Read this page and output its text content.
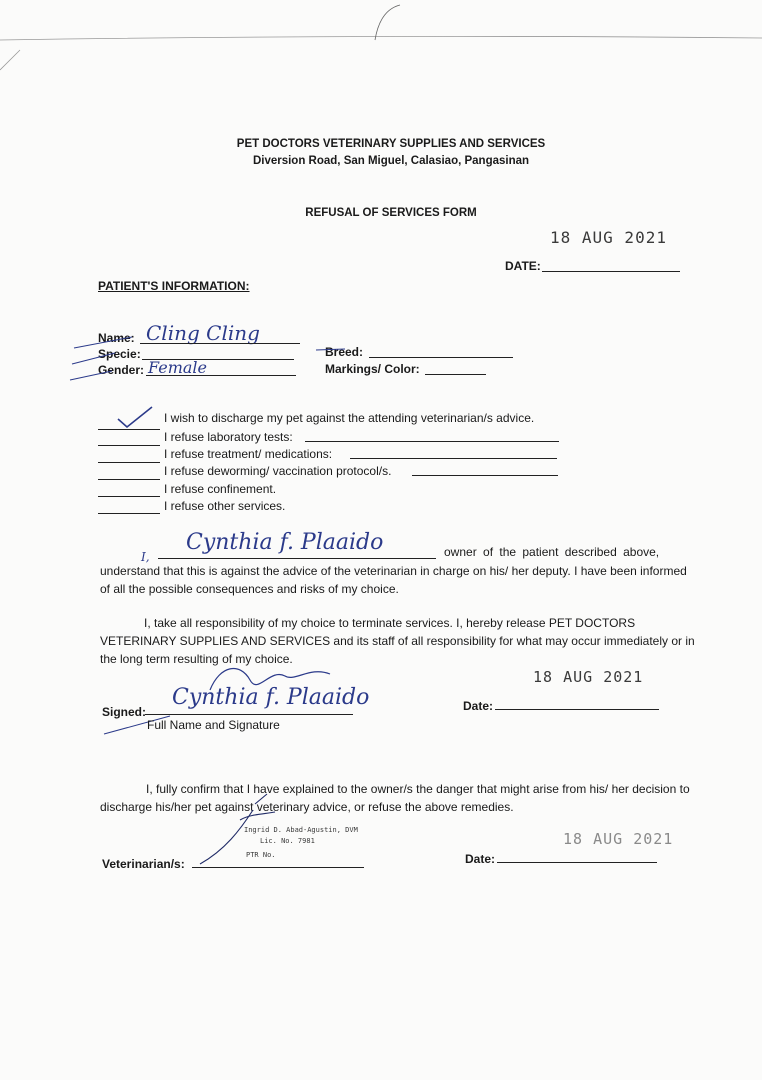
PET DOCTORS VETERINARY SUPPLIES AND SERVICES
Diversion Road, San Miguel, Calasiao, Pangasinan
REFUSAL OF SERVICES FORM
18 AUG 2021
DATE:
PATIENT'S INFORMATION:
Name: Cling Cling
Specie:
Gender: Female
Breed:
Markings/ Color:
I wish to discharge my pet against the attending veterinarian/s advice.
I refuse laboratory tests:
I refuse treatment/ medications:
I refuse deworming/ vaccination protocol/s.
I refuse confinement.
I refuse other services.
I,
Cynthia f. Plaaido	owner of the patient described above,
understand that this is against the advice of the veterinarian in charge on his/ her deputy. I have been informed of all the possible consequences and risks of my choice.
I, take all responsibility of my choice to terminate services. I, hereby release PET DOCTORS VETERINARY SUPPLIES AND SERVICES and its staff of all responsibility for what may occur immediately or in the long term resulting of my choice.
Signed:
Cynthia f. Plaaido
Full Name and Signature
18 AUG 2021
Date:
I, fully confirm that I have explained to the owner/s the danger that might arise from his/ her decision to discharge his/her pet against veterinary advice, or refuse the above remedies.
Veterinarian/s:
Ingrid D. Abad-Agustin, DVM
Lic. No. 7981
PTR No.
18 AUG 2021
Date:
